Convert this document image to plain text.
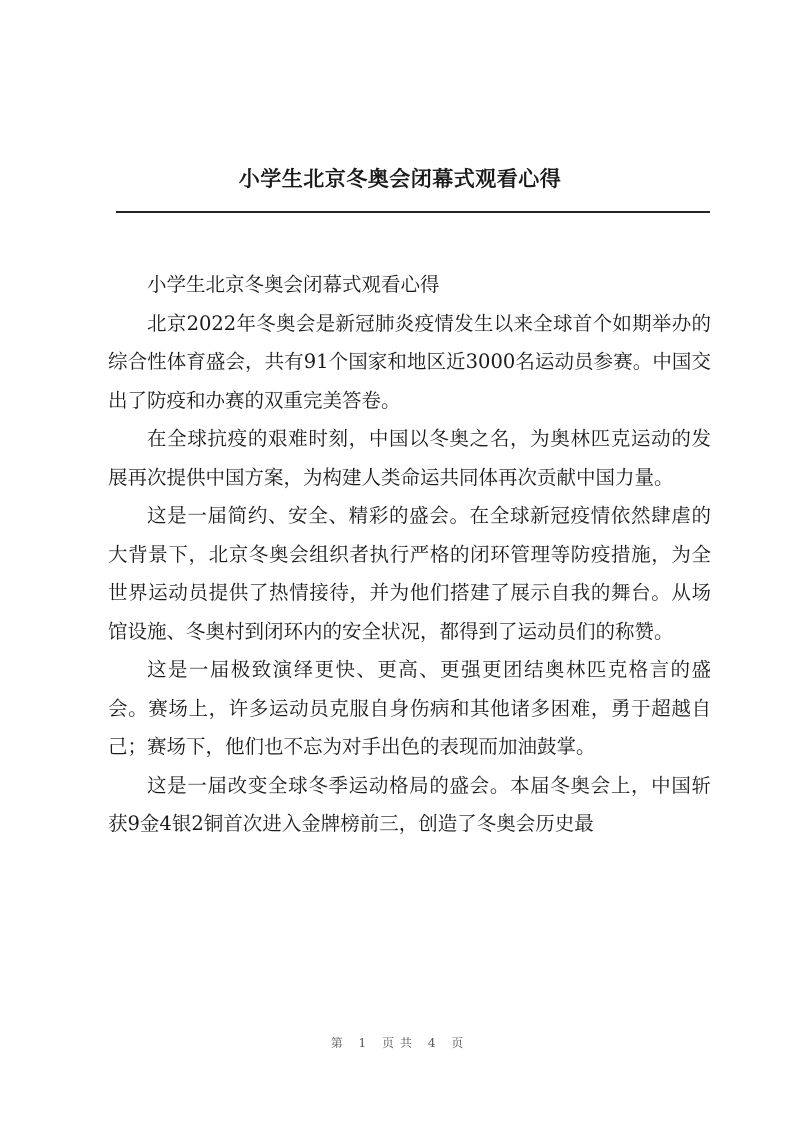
小学生北京冬奥会闭幕式观看心得

小学生北京冬奥会闭幕式观看心得

北京2022年冬奥会是新冠肺炎疫情发生以来全球首个如期举办的综合性体育盛会，共有91个国家和地区近3000名运动员参赛。中国交出了防疫和办赛的双重完美答卷。

在全球抗疫的艰难时刻，中国以冬奥之名，为奥林匹克运动的发展再次提供中国方案，为构建人类命运共同体再次贡献中国力量。

这是一届简约、安全、精彩的盛会。在全球新冠疫情依然肆虐的大背景下，北京冬奥会组织者执行严格的闭环管理等防疫措施，为全世界运动员提供了热情接待，并为他们搭建了展示自我的舞台。从场馆设施、冬奥村到闭环内的安全状况，都得到了运动员们的称赞。

这是一届极致演绎更快、更高、更强更团结奥林匹克格言的盛会。赛场上，许多运动员克服自身伤病和其他诸多困难，勇于超越自己；赛场下，他们也不忘为对手出色的表现而加油鼓掌。

这是一届改变全球冬季运动格局的盛会。本届冬奥会上，中国斩获9金4银2铜首次进入金牌榜前三，创造了冬奥会历史最

第 1 页共 4 页
